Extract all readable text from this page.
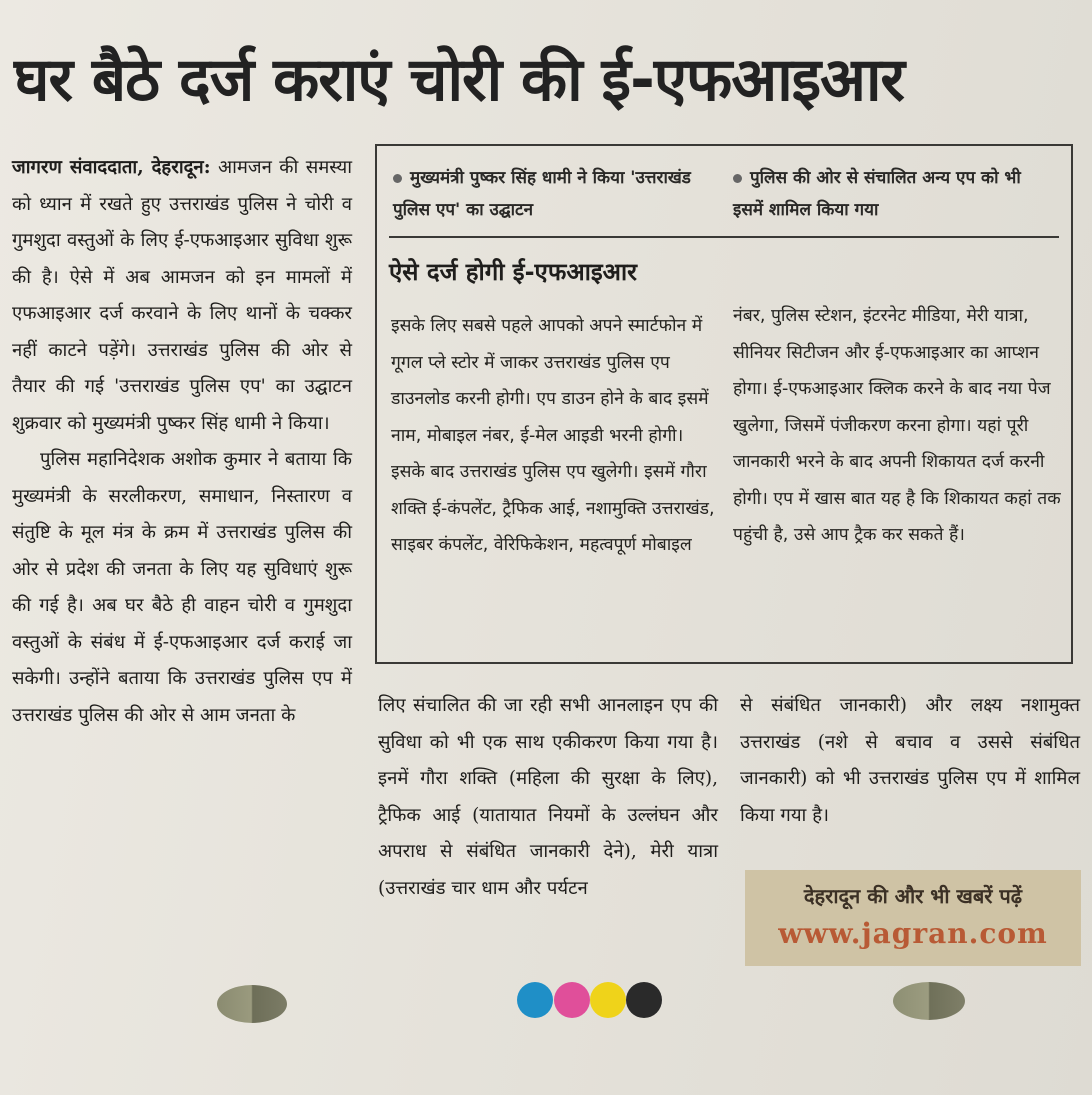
घर बैठे दर्ज कराएं चोरी की ई-एफआइआर

जागरण संवाददाता, देहरादून: आमजन की समस्या को ध्यान में रखते हुए उत्तराखंड पुलिस ने चोरी व गुमशुदा वस्तुओं के लिए ई-एफआइआर सुविधा शुरू की है। ऐसे में अब आमजन को इन मामलों में एफआइआर दर्ज करवाने के लिए थानों के चक्कर नहीं काटने पड़ेंगे। उत्तराखंड पुलिस की ओर से तैयार की गई 'उत्तराखंड पुलिस एप' का उद्घाटन शुक्रवार को मुख्यमंत्री पुष्कर सिंह धामी ने किया।

पुलिस महानिदेशक अशोक कुमार ने बताया कि मुख्यमंत्री के सरलीकरण, समाधान, निस्तारण व संतुष्टि के मूल मंत्र के क्रम में उत्तराखंड पुलिस की ओर से प्रदेश की जनता के लिए यह सुविधाएं शुरू की गई है। अब घर बैठे ही वाहन चोरी व गुमशुदा वस्तुओं के संबंध में ई-एफआइआर दर्ज कराई जा सकेगी। उन्होंने बताया कि उत्तराखंड पुलिस एप में उत्तराखंड पुलिस की ओर से आम जनता के

मुख्यमंत्री पुष्कर सिंह धामी ने किया 'उत्तराखंड पुलिस एप' का उद्घाटन
पुलिस की ओर से संचालित अन्य एप को भी इसमें शामिल किया गया
ऐसे दर्ज होगी ई-एफआइआर

इसके लिए सबसे पहले आपको अपने स्मार्टफोन में गूगल प्ले स्टोर में जाकर उत्तराखंड पुलिस एप डाउनलोड करनी होगी। एप डाउन होने के बाद इसमें नाम, मोबाइल नंबर, ई-मेल आइडी भरनी होगी। इसके बाद उत्तराखंड पुलिस एप खुलेगी। इसमें गौरा शक्ति ई-कंपलेंट, ट्रैफिक आई, नशामुक्ति उत्तराखंड, साइबर कंपलेंट, वेरिफिकेशन, महत्वपूर्ण मोबाइल

नंबर, पुलिस स्टेशन, इंटरनेट मीडिया, मेरी यात्रा, सीनियर सिटीजन और ई-एफआइआर का आप्शन होगा। ई-एफआइआर क्लिक करने के बाद नया पेज खुलेगा, जिसमें पंजीकरण करना होगा। यहां पूरी जानकारी भरने के बाद अपनी शिकायत दर्ज करनी होगी। एप में खास बात यह है कि शिकायत कहां तक पहुंची है, उसे आप ट्रैक कर सकते हैं।

लिए संचालित की जा रही सभी आनलाइन एप की सुविधा को भी एक साथ एकीकरण किया गया है। इनमें गौरा शक्ति (महिला की सुरक्षा के लिए), ट्रैफिक आई (यातायात नियमों के उल्लंघन और अपराध से संबंधित जानकारी देने), मेरी यात्रा (उत्तराखंड चार धाम और पर्यटन

से संबंधित जानकारी) और लक्ष्य नशामुक्त उत्तराखंड (नशे से बचाव व उससे संबंधित जानकारी) को भी उत्तराखंड पुलिस एप में शामिल किया गया है।

देहरादून की और भी खबरें पढ़ें
www.jagran.com
